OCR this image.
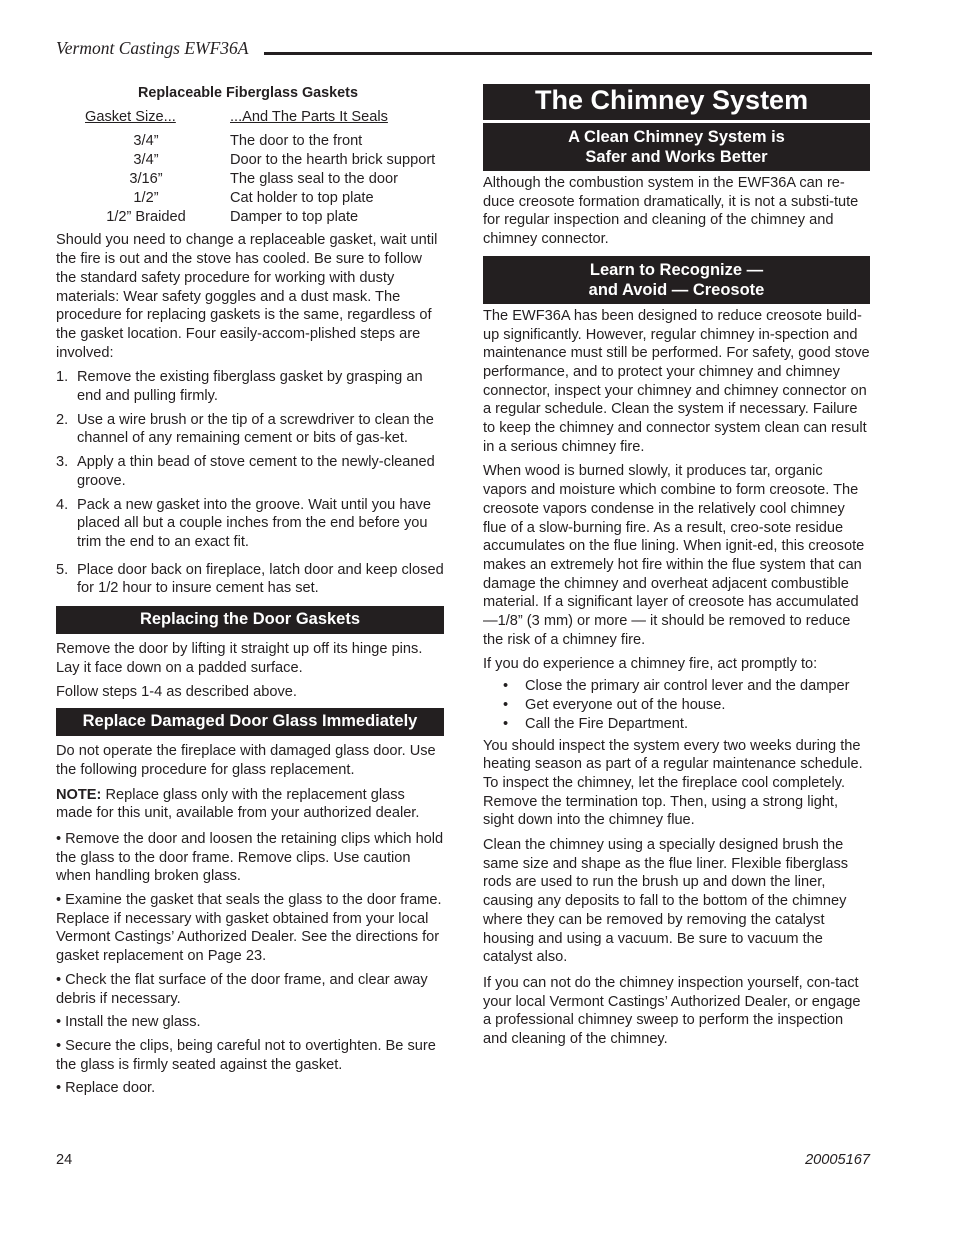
Vermont Castings EWF36A
Replaceable Fiberglass Gaskets
Gasket Size...	...And The Parts It Seals
3/4”	The door to the front
3/4”	Door to the hearth brick support
3/16”	The glass seal to the door
1/2”	Cat holder to top plate
1/2” Braided	Damper to top plate

Should you need to change a replaceable gasket, wait until the fire is out and the stove has cooled. Be sure to follow the standard safety procedure for working with dusty materials: Wear safety goggles and a dust mask. The procedure for replacing gaskets is the same, regardless of the gasket location. Four easily-accom-plished steps are involved:

1. Remove the existing fiberglass gasket by grasping an end and pulling firmly.
2. Use a wire brush or the tip of a screwdriver to clean the channel of any remaining cement or bits of gas-ket.
3. Apply a thin bead of stove cement to the newly-cleaned groove.
4. Pack a new gasket into the groove. Wait until you have placed all but a couple inches from the end before you trim the end to an exact fit.
5. Place door back on fireplace, latch door and keep closed for 1/2 hour to insure cement has set.
Replacing the Door Gaskets

Remove the door by lifting it straight up off its hinge pins. Lay it face down on a padded surface.

Follow steps 1-4 as described above.

Replace Damaged Door Glass Immediately

Do not operate the fireplace with damaged glass door. Use the following procedure for glass replacement.

NOTE: Replace glass only with the replacement glass made for this unit, available from your authorized dealer.

• Remove the door and loosen the retaining clips which hold the glass to the door frame. Remove clips. Use caution when handling broken glass.

• Examine the gasket that seals the glass to the door frame. Replace if necessary with gasket obtained from your local Vermont Castings’ Authorized Dealer. See the directions for gasket replacement on Page 23.

• Check the flat surface of the door frame, and clear away debris if necessary.

• Install the new glass.

• Secure the clips, being careful not to overtighten. Be sure the glass is firmly seated against the gasket.

• Replace door.

The Chimney System
A Clean Chimney System is
Safer and Works Better

Although the combustion system in the EWF36A can re-duce creosote formation dramatically, it is not a substi-tute for regular inspection and cleaning of the chimney and chimney connector.

Learn to Recognize —
and Avoid — Creosote

The EWF36A has been designed to reduce creosote build-up significantly. However, regular chimney in-spection and maintenance must still be performed. For safety, good stove performance, and to protect your chimney and chimney connector, inspect your chimney and chimney connector on a regular schedule. Clean the system if necessary. Failure to keep the chimney and connector system clean can result in a serious chimney fire.

When wood is burned slowly, it produces tar, organic vapors and moisture which combine to form creosote. The creosote vapors condense in the relatively cool chimney flue of a slow-burning fire. As a result, creo-sote residue accumulates on the flue lining. When ignit-ed, this creosote makes an extremely hot fire within the flue system that can damage the chimney and overheat adjacent combustible material. If a significant layer of creosote has accumulated —1/8” (3 mm) or more — it should be removed to reduce the risk of a chimney fire.

If you do experience a chimney fire, act promptly to:

• Close the primary air control lever and the damper
• Get everyone out of the house.
• Call the Fire Department.

You should inspect the system every two weeks during the heating season as part of a regular maintenance schedule. To inspect the chimney, let the fireplace cool completely. Remove the termination top. Then, using a strong light, sight down into the chimney flue.

Clean the chimney using a specially designed brush the same size and shape as the flue liner. Flexible fiberglass rods are used to run the brush up and down the liner, causing any deposits to fall to the bottom of the chimney where they can be removed by removing the catalyst housing and using a vacuum. Be sure to vacuum the catalyst also.

If you can not do the chimney inspection yourself, con-tact your local Vermont Castings’ Authorized Dealer, or engage a professional chimney sweep to perform the inspection and cleaning of the chimney.

24	20005167
